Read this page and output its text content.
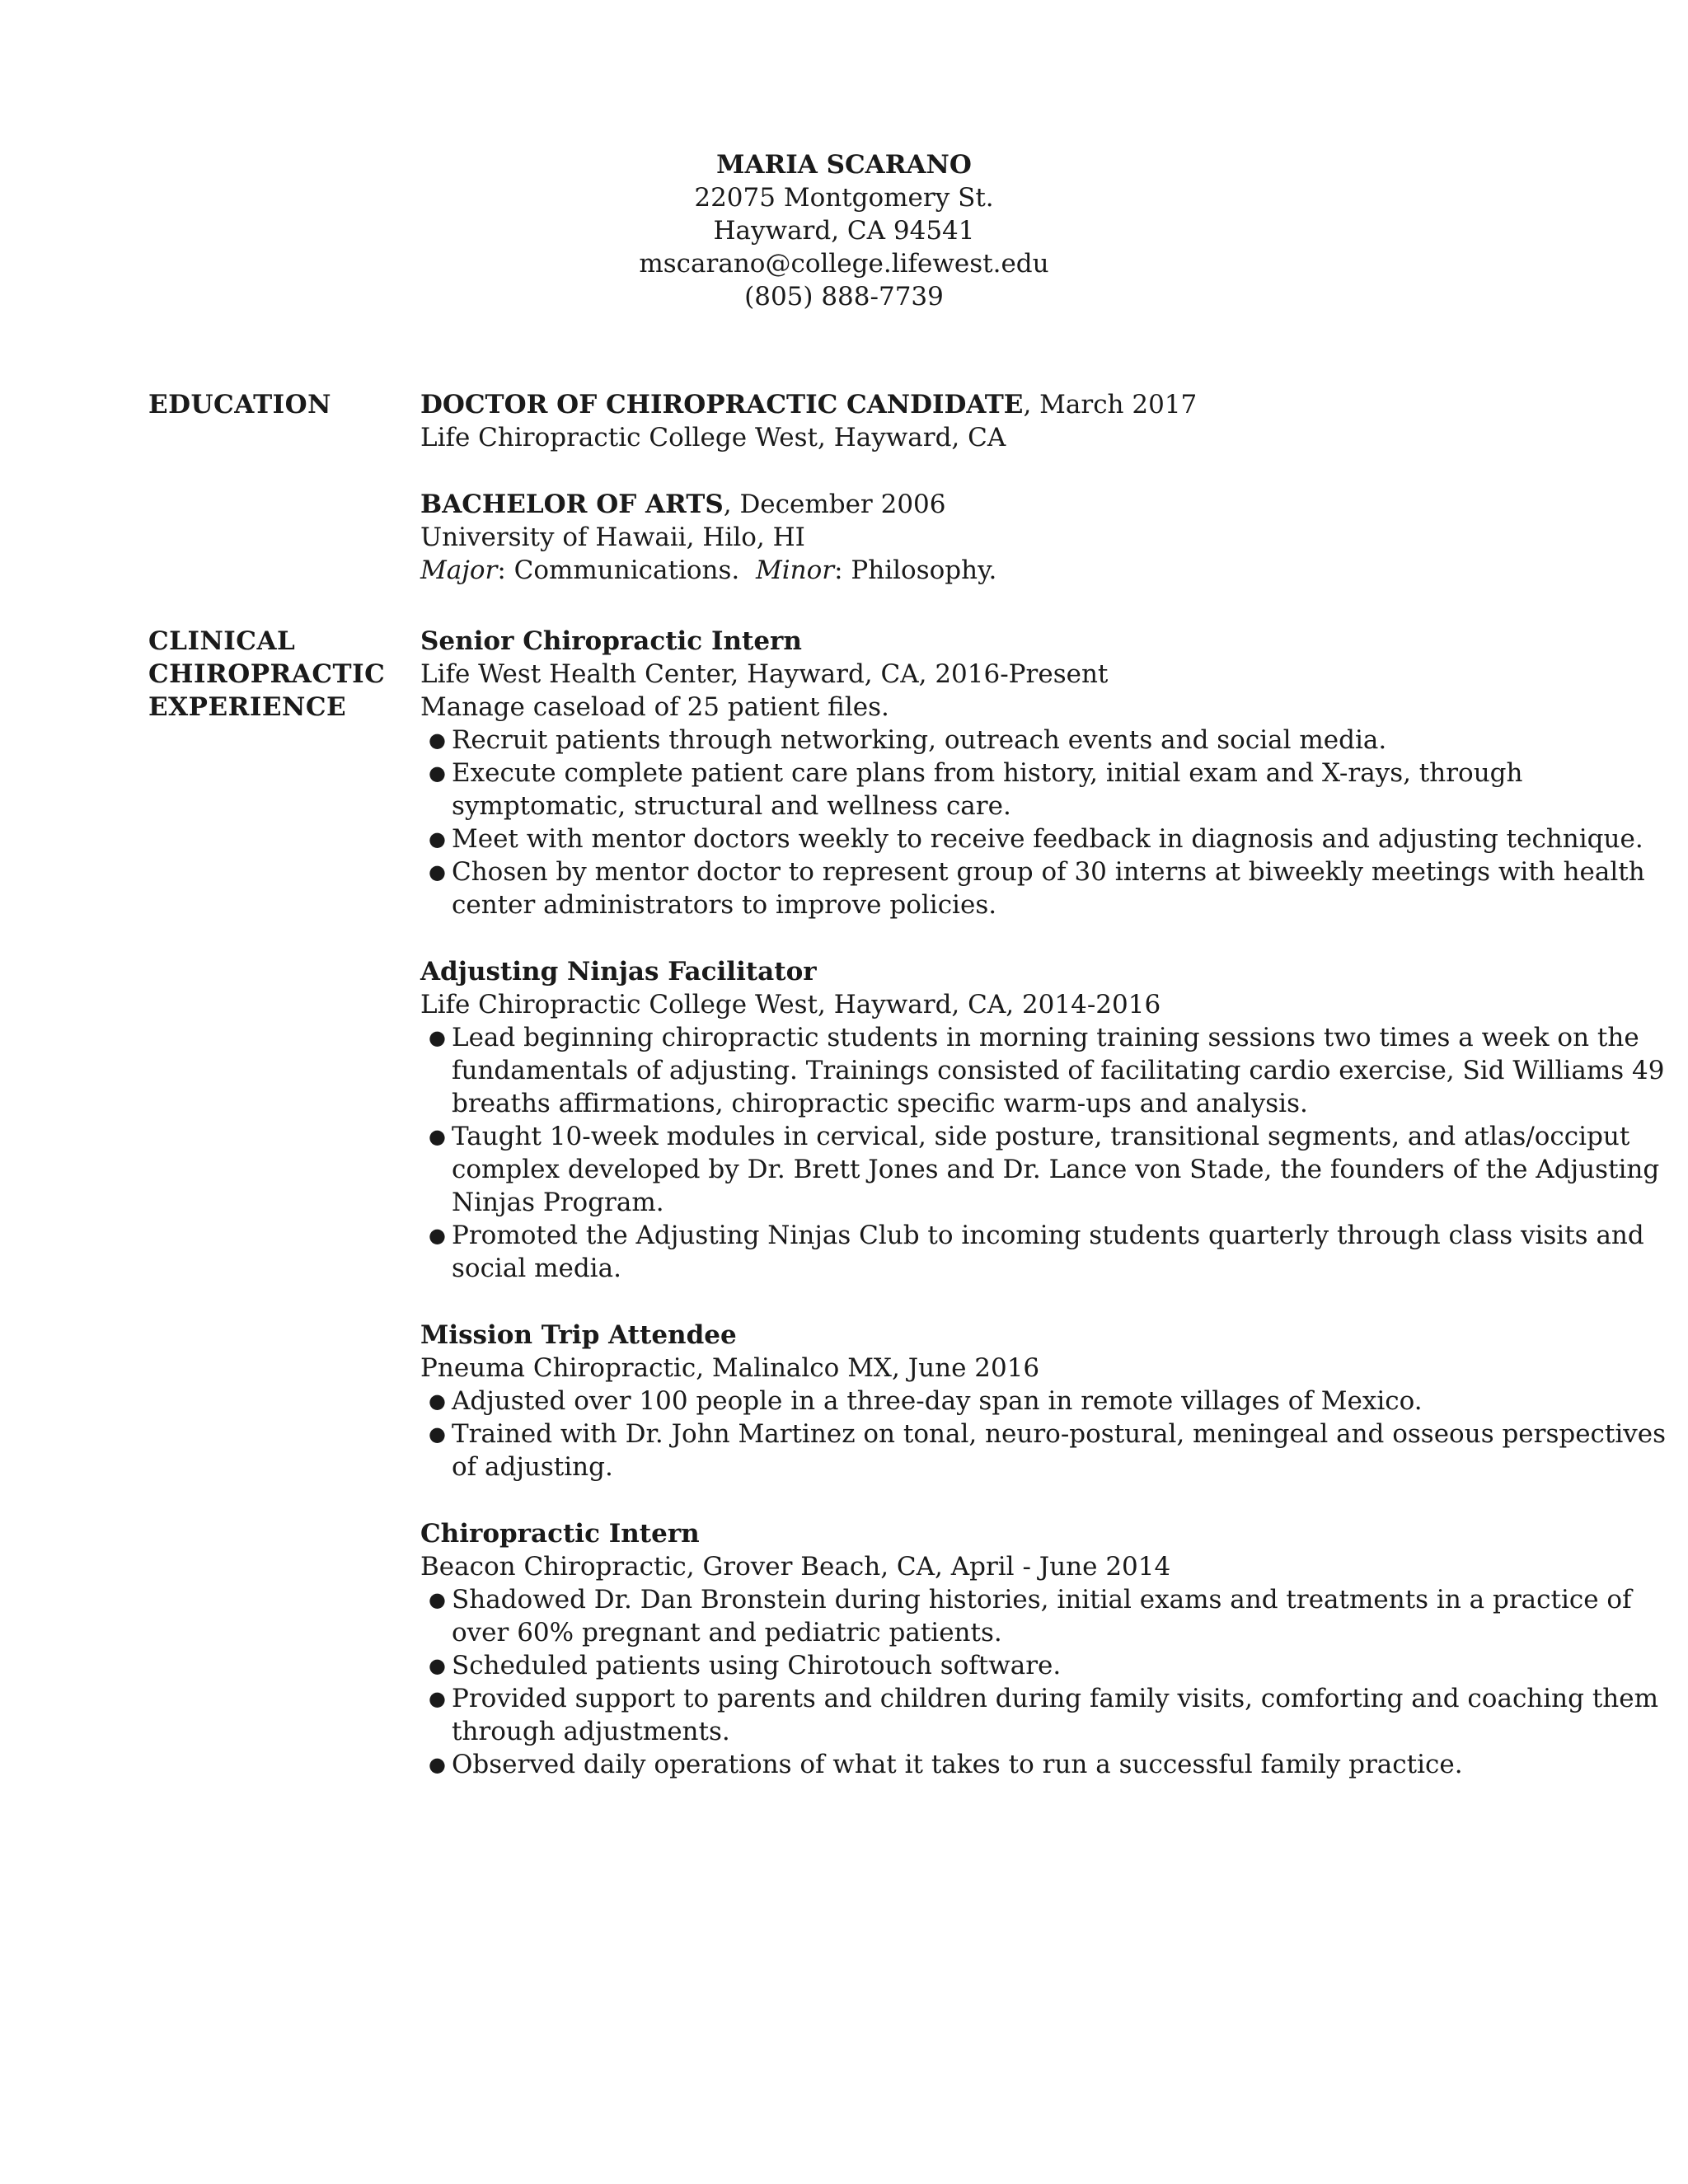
MARIA SCARANO
22075 Montgomery St.
Hayward, CA 94541
mscarano@college.lifewest.edu
(805) 888-7739
EDUCATION	DOCTOR OF CHIROPRACTIC CANDIDATE, March 2017
Life Chiropractic College West, Hayward, CA
BACHELOR OF ARTS, December 2006
University of Hawaii, Hilo, HI
Major: Communications. Minor: Philosophy.
CLINICAL
CHIROPRACTIC
EXPERIENCE
Senior Chiropractic Intern
Life West Health Center, Hayward, CA, 2016-Present
Manage caseload of 25 patient files.
● Recruit patients through networking, outreach events and social media.
● Execute complete patient care plans from history, initial exam and X-rays, through symptomatic, structural and wellness care.
● Meet with mentor doctors weekly to receive feedback in diagnosis and adjusting technique.
● Chosen by mentor doctor to represent group of 30 interns at biweekly meetings with health center administrators to improve policies.
Adjusting Ninjas Facilitator
Life Chiropractic College West, Hayward, CA, 2014-2016
● Lead beginning chiropractic students in morning training sessions two times a week on the fundamentals of adjusting. Trainings consisted of facilitating cardio exercise, Sid Williams 49 breaths affirmations, chiropractic specific warm-ups and analysis.
● Taught 10-week modules in cervical, side posture, transitional segments, and atlas/occiput complex developed by Dr. Brett Jones and Dr. Lance von Stade, the founders of the Adjusting Ninjas Program.
● Promoted the Adjusting Ninjas Club to incoming students quarterly through class visits and social media.
Mission Trip Attendee
Pneuma Chiropractic, Malinalco MX, June 2016
● Adjusted over 100 people in a three-day span in remote villages of Mexico.
● Trained with Dr. John Martinez on tonal, neuro-postural, meningeal and osseous perspectives of adjusting.
Chiropractic Intern
Beacon Chiropractic, Grover Beach, CA, April - June 2014
● Shadowed Dr. Dan Bronstein during histories, initial exams and treatments in a practice of over 60% pregnant and pediatric patients.
● Scheduled patients using Chirotouch software.
● Provided support to parents and children during family visits, comforting and coaching them through adjustments.
● Observed daily operations of what it takes to run a successful family practice.
